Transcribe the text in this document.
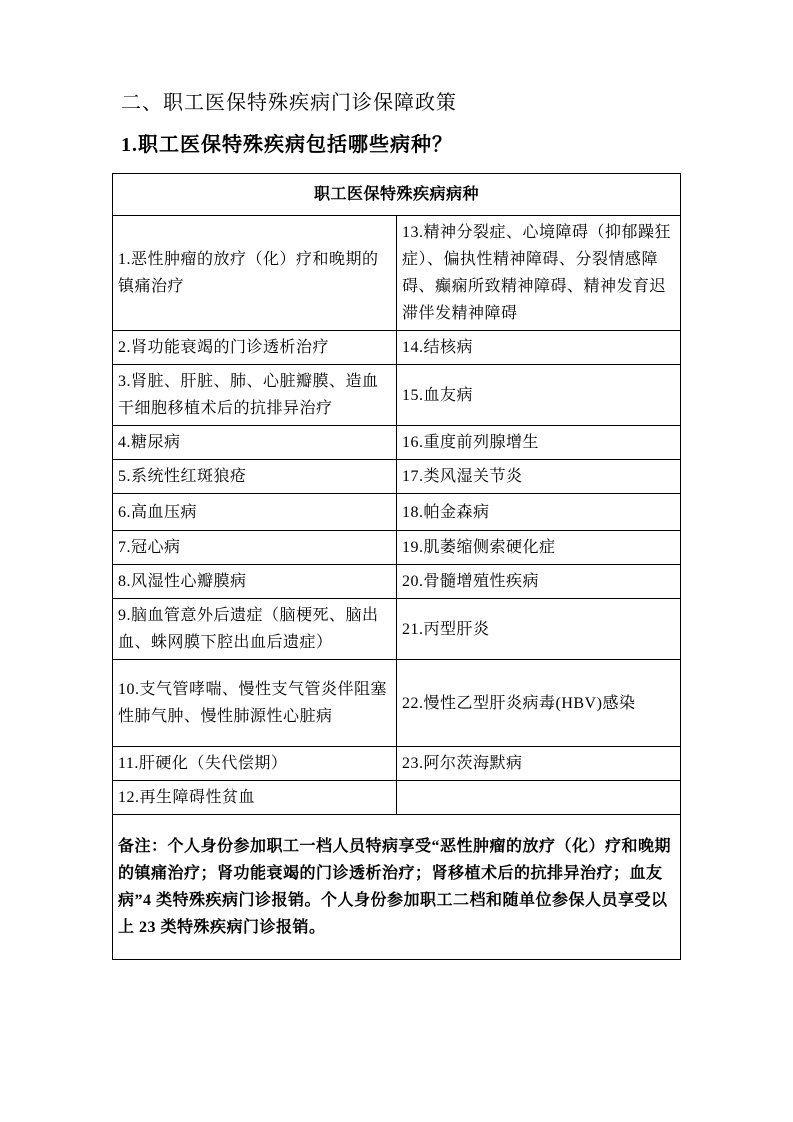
二、职工医保特殊疾病门诊保障政策
1.职工医保特殊疾病包括哪些病种？
职工医保特殊疾病病种	
1.恶性肿瘤的放疗（化）疗和晚期的镇痛治疗	13.精神分裂症、心境障碍（抑郁躁狂症）、偏执性精神障碍、分裂情感障碍、癫痫所致精神障碍、精神发育迟滞伴发精神障碍
2.肾功能衰竭的门诊透析治疗	14.结核病
3.肾脏、肝脏、肺、心脏瓣膜、造血干细胞移植术后的抗排异治疗	15.血友病
4.糖尿病	16.重度前列腺增生
5.系统性红斑狼疮	17.类风湿关节炎
6.高血压病	18.帕金森病
7.冠心病	19.肌萎缩侧索硬化症
8.风湿性心瓣膜病	20.骨髓增殖性疾病
9.脑血管意外后遗症（脑梗死、脑出血、蛛网膜下腔出血后遗症）	21.丙型肝炎
10.支气管哮喘、慢性支气管炎伴阻塞性肺气肿、慢性肺源性心脏病	22.慢性乙型肝炎病毒(HBV)感染
11.肝硬化（失代偿期）	23.阿尔茨海默病
12.再生障碍性贫血	
备注：个人身份参加职工一档人员特病享受“恶性肿瘤的放疗（化）疗和晚期的镇痛治疗；肾功能衰竭的门诊透析治疗；肾移植术后的抗排异治疗；血友病”4 类特殊疾病门诊报销。个人身份参加职工二档和随单位参保人员享受以上 23 类特殊疾病门诊报销。	
